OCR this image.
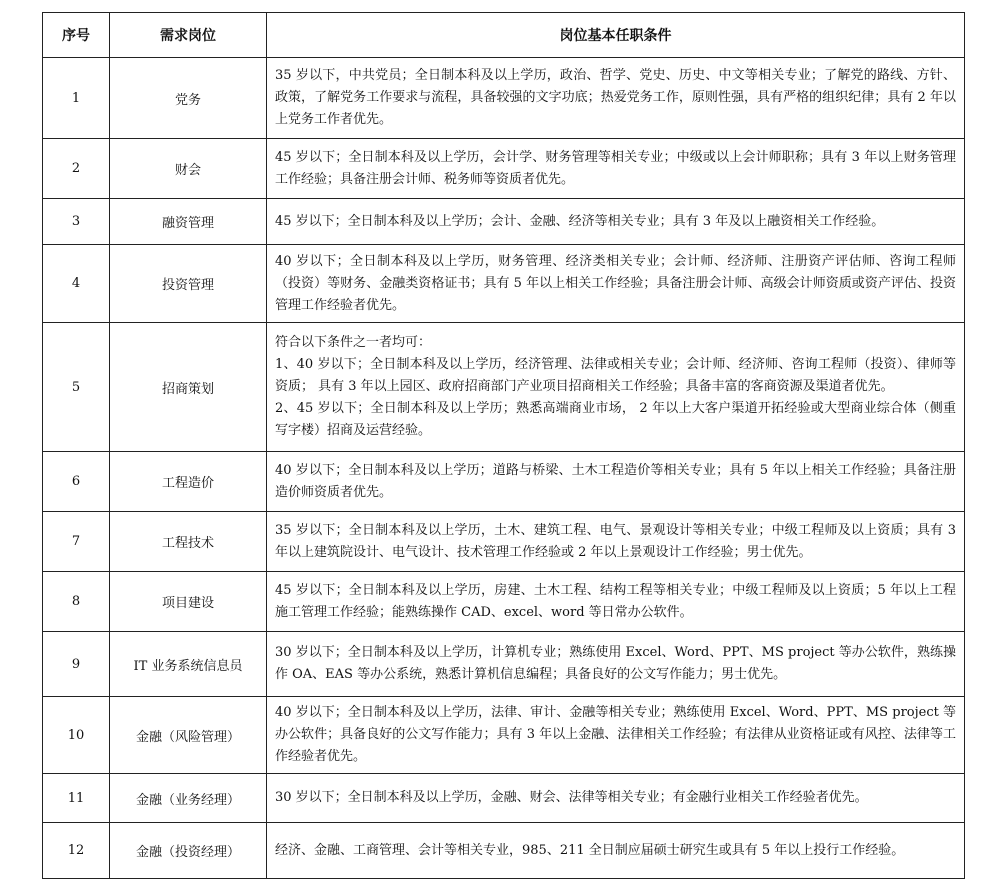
序号	需求岗位	岗位基本任职条件
1	党务	35 岁以下，中共党员；全日制本科及以上学历，政治、哲学、党史、历史、中文等相关专业；了解党的路线、方针、政策，了解党务工作要求与流程，具备较强的文字功底；热爱党务工作，原则性强，具有严格的组织纪律；具有 2 年以上党务工作者优先。

2	财会	45 岁以下；全日制本科及以上学历，会计学、财务管理等相关专业；中级或以上会计师职称；具有 3 年以上财务管理工作经验；具备注册会计师、税务师等资质者优先。

3	融资管理	45 岁以下；全日制本科及以上学历；会计、金融、经济等相关专业；具有 3 年及以上融资相关工作经验。

4	投资管理	40 岁以下；全日制本科及以上学历，财务管理、经济类相关专业；会计师、经济师、注册资产评估师、咨询工程师（投资）等财务、金融类资格证书；具有 5 年以上相关工作经验；具备注册会计师、高级会计师资质或资产评估、投资管理工作经验者优先。

5	招商策划	符合以下条件之一者均可：
1、40 岁以下；全日制本科及以上学历，经济管理、法律或相关专业；会计师、经济师、咨询工程师（投资）、律师等资质； 具有 3 年以上园区、政府招商部门产业项目招商相关工作经验；具备丰富的客商资源及渠道者优先。
2、45 岁以下；全日制本科及以上学历；熟悉高端商业市场， 2 年以上大客户渠道开拓经验或大型商业综合体（侧重写字楼）招商及运营经验。

6	工程造价	40 岁以下；全日制本科及以上学历；道路与桥梁、土木工程造价等相关专业；具有 5 年以上相关工作经验；具备注册造价师资质者优先。

7	工程技术	35 岁以下；全日制本科及以上学历，土木、建筑工程、电气、景观设计等相关专业；中级工程师及以上资质；具有 3 年以上建筑院设计、电气设计、技术管理工作经验或 2 年以上景观设计工作经验；男士优先。

8	项目建设	45 岁以下；全日制本科及以上学历，房建、土木工程、结构工程等相关专业；中级工程师及以上资质；5 年以上工程施工管理工作经验；能熟练操作 CAD、excel、word 等日常办公软件。

9	IT 业务系统信息员	30 岁以下；全日制本科及以上学历，计算机专业；熟练使用 Excel、Word、PPT、MS project 等办公软件，熟练操作 OA、EAS 等办公系统，熟悉计算机信息编程；具备良好的公文写作能力；男士优先。

10	金融（风险管理）	40 岁以下；全日制本科及以上学历，法律、审计、金融等相关专业；熟练使用 Excel、Word、PPT、MS project 等办公软件；具备良好的公文写作能力；具有 3 年以上金融、法律相关工作经验；有法律从业资格证或有风控、法律等工作经验者优先。

11	金融（业务经理）	30 岁以下；全日制本科及以上学历，金融、财会、法律等相关专业；有金融行业相关工作经验者优先。

12	金融（投资经理）	经济、金融、工商管理、会计等相关专业，985、211 全日制应届硕士研究生或具有 5 年以上投行工作经验。
